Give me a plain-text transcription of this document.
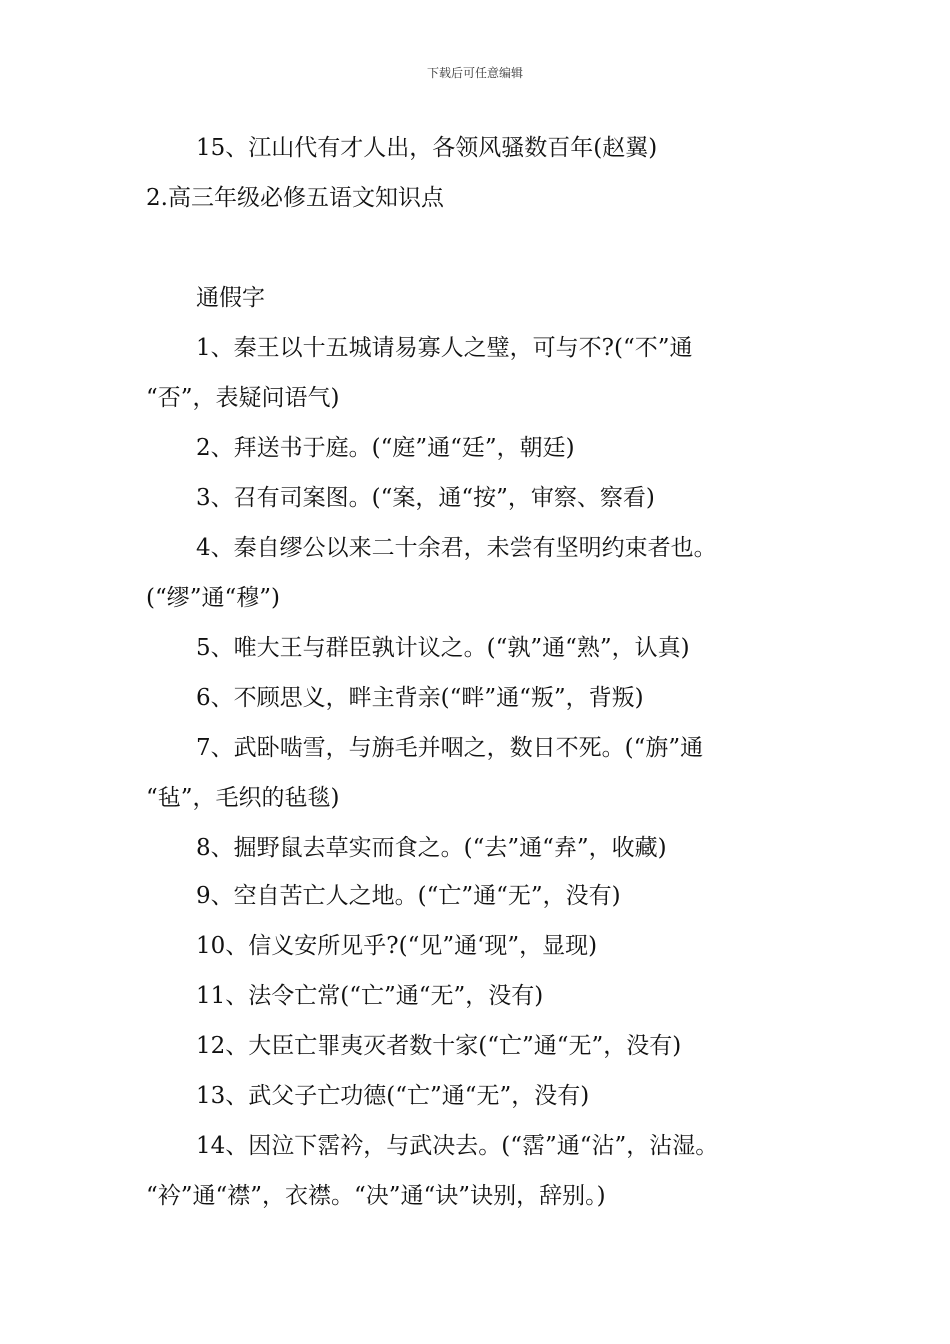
下载后可任意编辑
15、江山代有才人出，各领风骚数百年(赵翼)
2.高三年级必修五语文知识点
通假字
1、秦王以十五城请易寡人之璧，可与不?(“不”通
“否”，表疑问语气)
2、拜送书于庭。(“庭”通“廷”，朝廷)
3、召有司案图。(“案，通“按”，审察、察看)
4、秦自缪公以来二十余君，未尝有坚明约束者也。
(“缪”通“穆”)
5、唯大王与群臣孰计议之。(“孰”通“熟”，认真)
6、不顾思义，畔主背亲(“畔”通“叛”，背叛)
7、武卧啮雪，与旃毛并咽之，数日不死。(“旃”通
“毡”，毛织的毡毯)
8、掘野鼠去草实而食之。(“去”通“弆”，收藏)
9、空自苦亡人之地。(“亡”通“无”，没有)
10、信义安所见乎?(“见”通‘现”，显现)
11、法令亡常(“亡”通“无”，没有)
12、大臣亡罪夷灭者数十家(“亡”通“无”，没有)
13、武父子亡功德(“亡”通“无”，没有)
14、因泣下霑衿，与武决去。(“霑”通“沾”，沾湿。
“衿”通“襟”，衣襟。“决”通“诀”诀别，辞别。)
